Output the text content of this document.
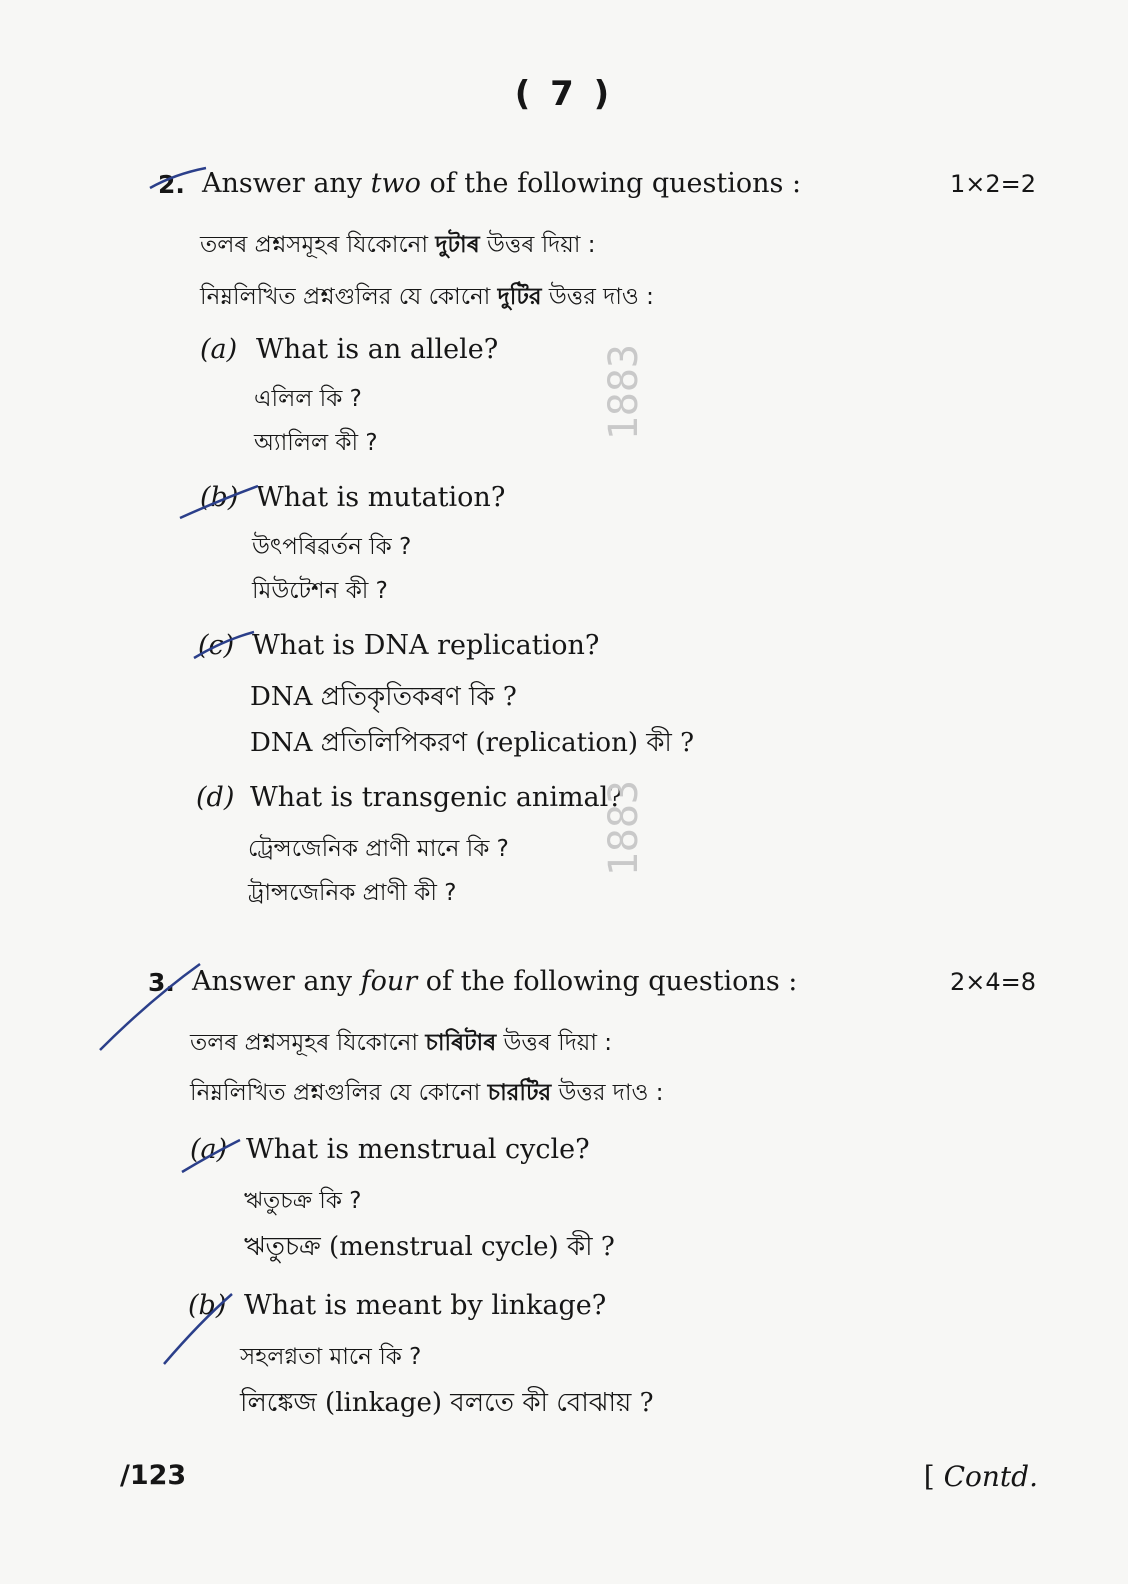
( 7 )
2. Answer any two of the following questions :	1×2=2
তলৰ প্ৰশ্নসমূহৰ যিকোনো দুটাৰ উত্তৰ দিয়া :
নিম্নলিখিত প্রশ্নগুলির যে কোনো দুটির উত্তর দাও :
(a) What is an allele?
এলিল কি ?
অ্যালিল কী ?
(b) What is mutation?
উৎপৰিৱৰ্তন কি ?
মিউটেশন কী ?
(c) What is DNA replication?
DNA প্ৰতিকৃতিকৰণ কি ?
DNA প্রতিলিপিকরণ (replication) কী ?
(d) What is transgenic animal?
ট্ৰেন্সজেনিক প্ৰাণী মানে কি ?
ট্রান্সজেনিক প্রাণী কী ?
3. Answer any four of the following questions :	2×4=8
তলৰ প্ৰশ্নসমূহৰ যিকোনো চাৰিটাৰ উত্তৰ দিয়া :
নিম্নলিখিত প্রশ্নগুলির যে কোনো চারটির উত্তর দাও :
(a) What is menstrual cycle?
ঋতুচক্ৰ কি ?
ঋতুচক্র (menstrual cycle) কী ?
(b) What is meant by linkage?
সহলগ্নতা মানে কি ?
লিঙ্কেজ (linkage) বলতে কী বোঝায় ?
1883
1883
/123	[ Contd.
